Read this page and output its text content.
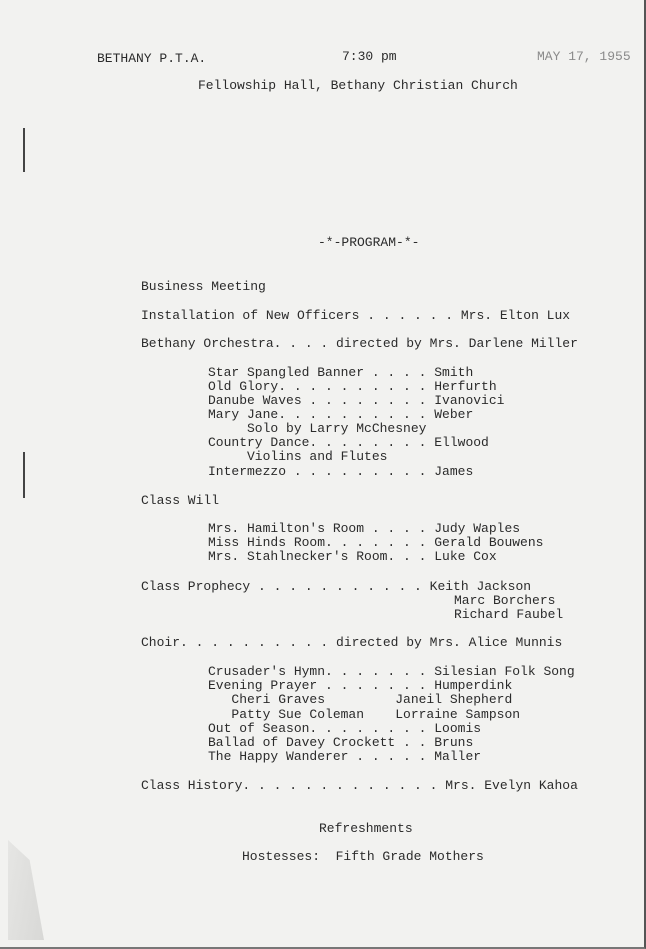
BETHANY P.T.A.	7:30 pm	MAY 17, 1955
Fellowship Hall, Bethany Christian Church
-*-PROGRAM-*-
Business Meeting
Installation of New Officers . . . . . . Mrs. Elton Lux
Bethany Orchestra. . . . directed by Mrs. Darlene Miller
Star Spangled Banner . . . . Smith
Old Glory. . . . . . . . . . Herfurth
Danube Waves . . . . . . . . Ivanovici
Mary Jane. . . . . . . . . . Weber
Solo by Larry McChesney
Country Dance. . . . . . . . Ellwood
Violins and Flutes
Intermezzo . . . . . . . . . James
Class Will
Mrs. Hamilton's Room . . . . Judy Waples
Miss Hinds Room. . . . . . . Gerald Bouwens
Mrs. Stahlnecker's Room. . . Luke Cox
Class Prophecy . . . . . . . . . . . Keith Jackson
Marc Borchers
Richard Faubel
Choir. . . . . . . . . . directed by Mrs. Alice Munnis
Crusader's Hymn. . . . . . . Silesian Folk Song
Evening Prayer . . . . . . . Humperdink
Cheri Graves         Janeil Shepherd
Patty Sue Coleman    Lorraine Sampson
Out of Season. . . . . . . . Loomis
Ballad of Davey Crockett . . Bruns
The Happy Wanderer . . . . . Maller
Class History. . . . . . . . . . . . . Mrs. Evelyn Kahoa
Refreshments
Hostesses:  Fifth Grade Mothers
